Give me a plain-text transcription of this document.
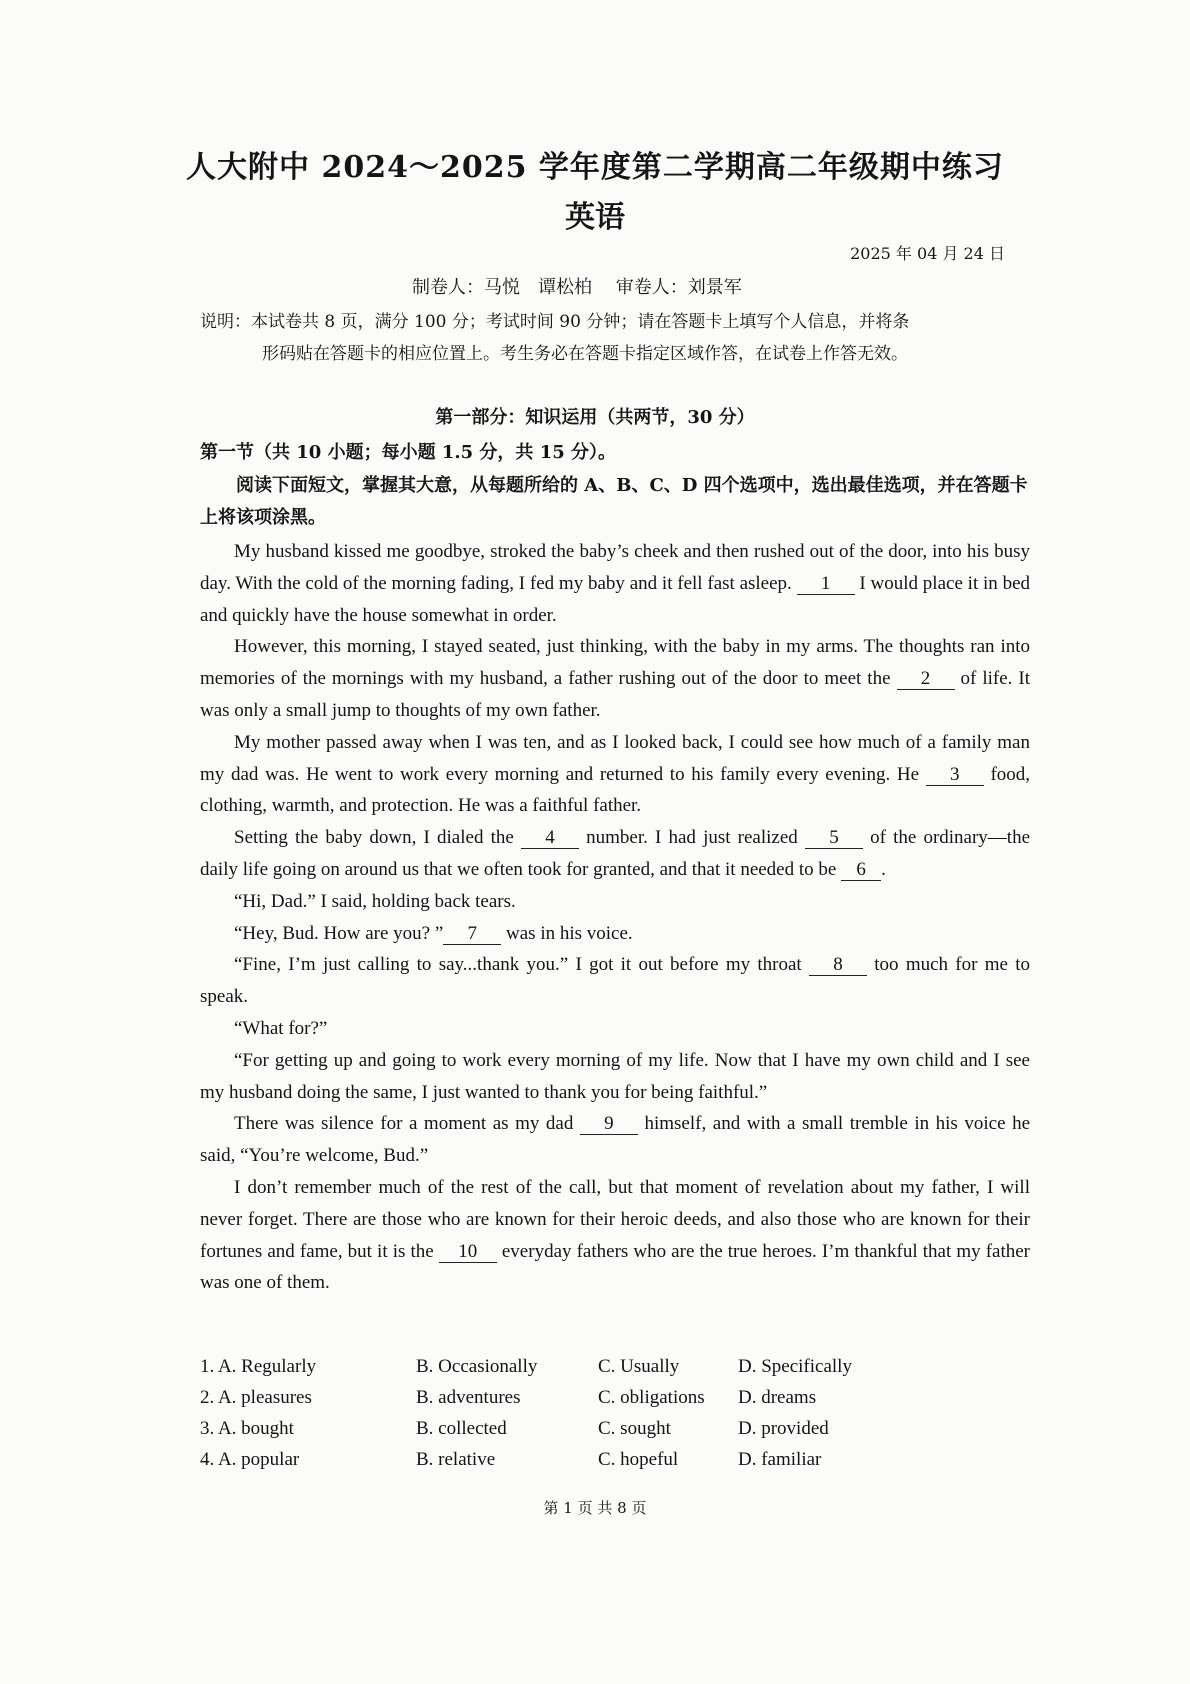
人大附中 2024～2025 学年度第二学期高二年级期中练习
英语
2025 年 04 月 24 日
制卷人：马悦　谭松柏 审卷人：刘景军
说明：本试卷共 8 页，满分 100 分；考试时间 90 分钟；请在答题卡上填写个人信息，并将条
形码贴在答题卡的相应位置上。考生务必在答题卡指定区域作答，在试卷上作答无效。
第一部分：知识运用（共两节，30 分）
第一节（共 10 小题；每小题 1.5 分，共 15 分）。
阅读下面短文，掌握其大意，从每题所给的 A、B、C、D 四个选项中，选出最佳选项，并在答题卡上将该项涂黑。

My husband kissed me goodbye, stroked the baby’s cheek and then rushed out of the door, into his busy day. With the cold of the morning fading, I fed my baby and it fell fast asleep. 1 I would place it in bed and quickly have the house somewhat in order.

However, this morning, I stayed seated, just thinking, with the baby in my arms. The thoughts ran into memories of the mornings with my husband, a father rushing out of the door to meet the 2 of life. It was only a small jump to thoughts of my own father.

My mother passed away when I was ten, and as I looked back, I could see how much of a family man my dad was. He went to work every morning and returned to his family every evening. He 3 food, clothing, warmth, and protection. He was a faithful father.

Setting the baby down, I dialed the 4 number. I had just realized 5 of the ordinary—the daily life going on around us that we often took for granted, and that it needed to be 6 .

“Hi, Dad.” I said, holding back tears.

“Hey, Bud. How are you? ” 7 was in his voice.

“Fine, I’m just calling to say...thank you.” I got it out before my throat 8 too much for me to speak.

“What for?”

“For getting up and going to work every morning of my life. Now that I have my own child and I see my husband doing the same, I just wanted to thank you for being faithful.”

There was silence for a moment as my dad 9 himself, and with a small tremble in his voice he said, “You’re welcome, Bud.”

I don’t remember much of the rest of the call, but that moment of revelation about my father, I will never forget. There are those who are known for their heroic deeds, and also those who are known for their fortunes and fame, but it is the 10 everyday fathers who are the true heroes. I’m thankful that my father was one of them.

1. A. Regularly	B. Occasionally	C. Usually	D. Specifically
2. A. pleasures	B. adventures	C. obligations D. dreams
3. A. bought	B. collected	C. sought	D. provided
4. A. popular	B. relative	C. hopeful	D. familiar
第 1 页 共 8 页
